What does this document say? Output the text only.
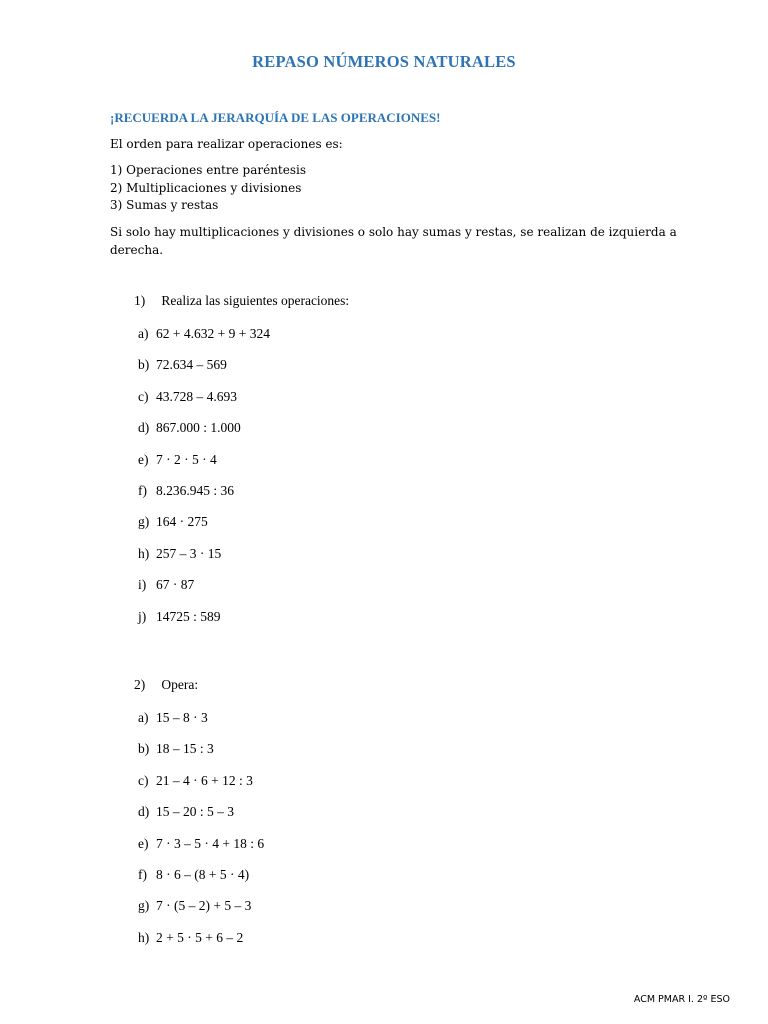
REPASO NÚMEROS NATURALES
¡RECUERDA LA JERARQUÍA DE LAS OPERACIONES!
El orden para realizar operaciones es:
1) Operaciones entre paréntesis
2) Multiplicaciones y divisiones
3) Sumas y restas
Si solo hay multiplicaciones y divisiones o solo hay sumas y restas, se realizan de izquierda a derecha.
1) Realiza las siguientes operaciones:
a) 62 + 4.632 + 9 + 324
b) 72.634 – 569
c) 43.728 – 4.693
d) 867.000 : 1.000
e) 7 · 2 · 5 · 4
f) 8.236.945 : 36
g) 164 · 275
h) 257 – 3 · 15
i) 67 · 87
j) 14725 : 589
2) Opera:
a) 15 – 8 · 3
b) 18 – 15 : 3
c) 21 – 4 · 6 + 12 : 3
d) 15 – 20 : 5 – 3
e) 7 · 3 – 5 · 4 + 18 : 6
f) 8 · 6 – (8 + 5 · 4)
g) 7 · (5 – 2) + 5 – 3
h) 2 + 5 · 5 + 6 – 2
ACM PMAR I. 2º ESO
